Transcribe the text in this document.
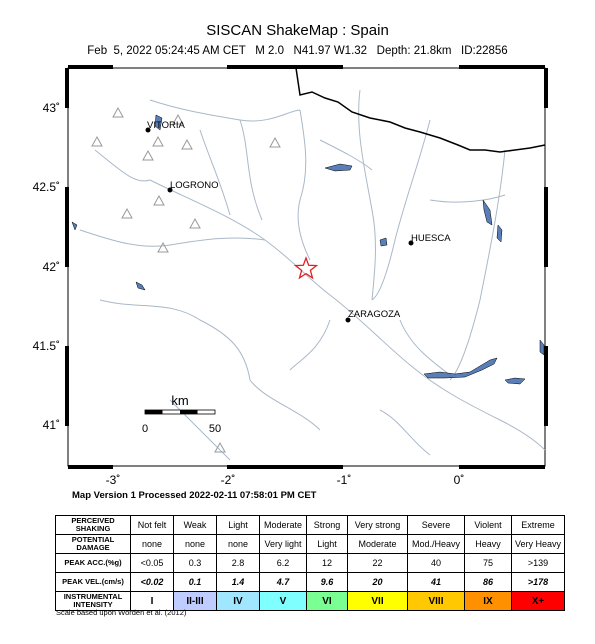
SISCAN ShakeMap : Spain
Feb  5, 2022 05:24:45 AM CET   M 2.0   N41.97 W1.32   Depth: 21.8km   ID:22856
VITORIA
LOGRONO
HUESCA
ZARAGOZA
km
0	50
43˚
42.5˚
42˚
41.5˚
41˚
-3˚	-2˚	-1˚	0˚
Map Version 1 Processed 2022-02-11 07:58:01 PM CET
PERCEIVED SHAKING	Not felt	Weak	Light	Moderate	Strong	Very strong	Severe	Violent	Extreme
POTENTIAL DAMAGE	none	none	none	Very light	Light	Moderate	Mod./Heavy	Heavy	Very Heavy
PEAK ACC.(%g)	<0.05	0.3	2.8	6.2	12	22	40	75	>139
PEAK VEL.(cm/s)	<0.02	0.1	1.4	4.7	9.6	20	41	86	>178
INSTRUMENTAL INTENSITY	I	II-III	IV	V	VI	VII	VIII	IX	X+
Scale based upon Worden et al. (2012)
